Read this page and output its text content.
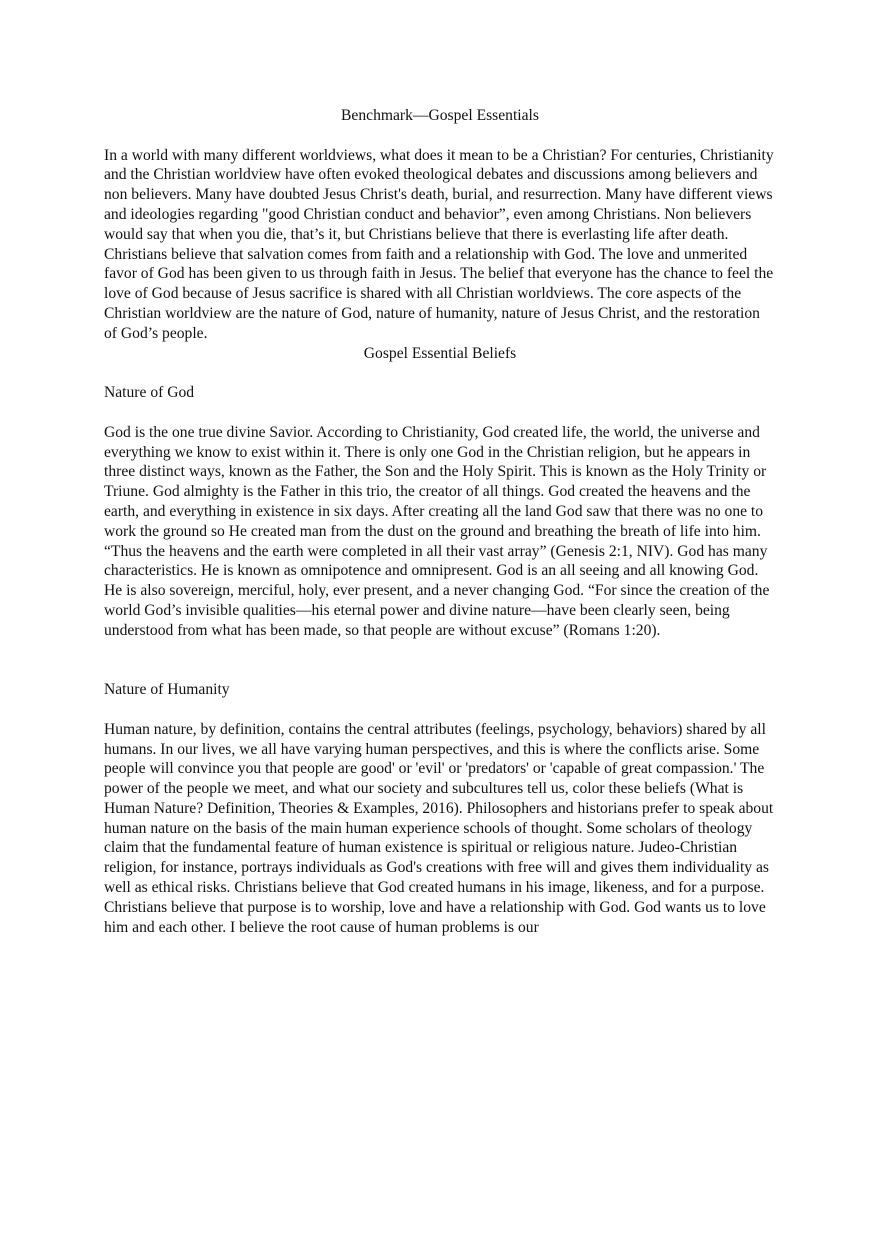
Benchmark—Gospel Essentials

In a world with many different worldviews, what does it mean to be a Christian? For centuries, Christianity and the Christian worldview have often evoked theological debates and discussions among believers and non believers. Many have doubted Jesus Christ's death, burial, and resurrection. Many have different views and ideologies regarding "good Christian conduct and behavior”, even among Christians. Non believers would say that when you die, that’s it, but Christians believe that there is everlasting life after death. Christians believe that salvation comes from faith and a relationship with God. The love and unmerited favor of God has been given to us through faith in Jesus. The belief that everyone has the chance to feel the love of God because of Jesus sacrifice is shared with all Christian worldviews. The core aspects of the Christian worldview are the nature of God, nature of humanity, nature of Jesus Christ, and the restoration of God’s people.

Gospel Essential Beliefs

Nature of God

God is the one true divine Savior. According to Christianity, God created life, the world, the universe and everything we know to exist within it. There is only one God in the Christian religion, but he appears in three distinct ways, known as the Father, the Son and the Holy Spirit. This is known as the Holy Trinity or Triune. God almighty is the Father in this trio, the creator of all things. God created the heavens and the earth, and everything in existence in six days. After creating all the land God saw that there was no one to work the ground so He created man from the dust on the ground and breathing the breath of life into him. “Thus the heavens and the earth were completed in all their vast array” (Genesis 2:1, NIV). God has many characteristics. He is known as omnipotence and omnipresent. God is an all seeing and all knowing God. He is also sovereign, merciful, holy, ever present, and a never changing God. “For since the creation of the world God’s invisible qualities—his eternal power and divine nature—have been clearly seen, being understood from what has been made, so that people are without excuse” (Romans 1:20).

Nature of Humanity

Human nature, by definition, contains the central attributes (feelings, psychology, behaviors) shared by all humans. In our lives, we all have varying human perspectives, and this is where the conflicts arise. Some people will convince you that people are good' or 'evil' or 'predators' or 'capable of great compassion.' The power of the people we meet, and what our society and subcultures tell us, color these beliefs (What is Human Nature? Definition, Theories & Examples, 2016). Philosophers and historians prefer to speak about human nature on the basis of the main human experience schools of thought. Some scholars of theology claim that the fundamental feature of human existence is spiritual or religious nature. Judeo-Christian religion, for instance, portrays individuals as God's creations with free will and gives them individuality as well as ethical risks. Christians believe that God created humans in his image, likeness, and for a purpose. Christians believe that purpose is to worship, love and have a relationship with God. God wants us to love him and each other. I believe the root cause of human problems is our
